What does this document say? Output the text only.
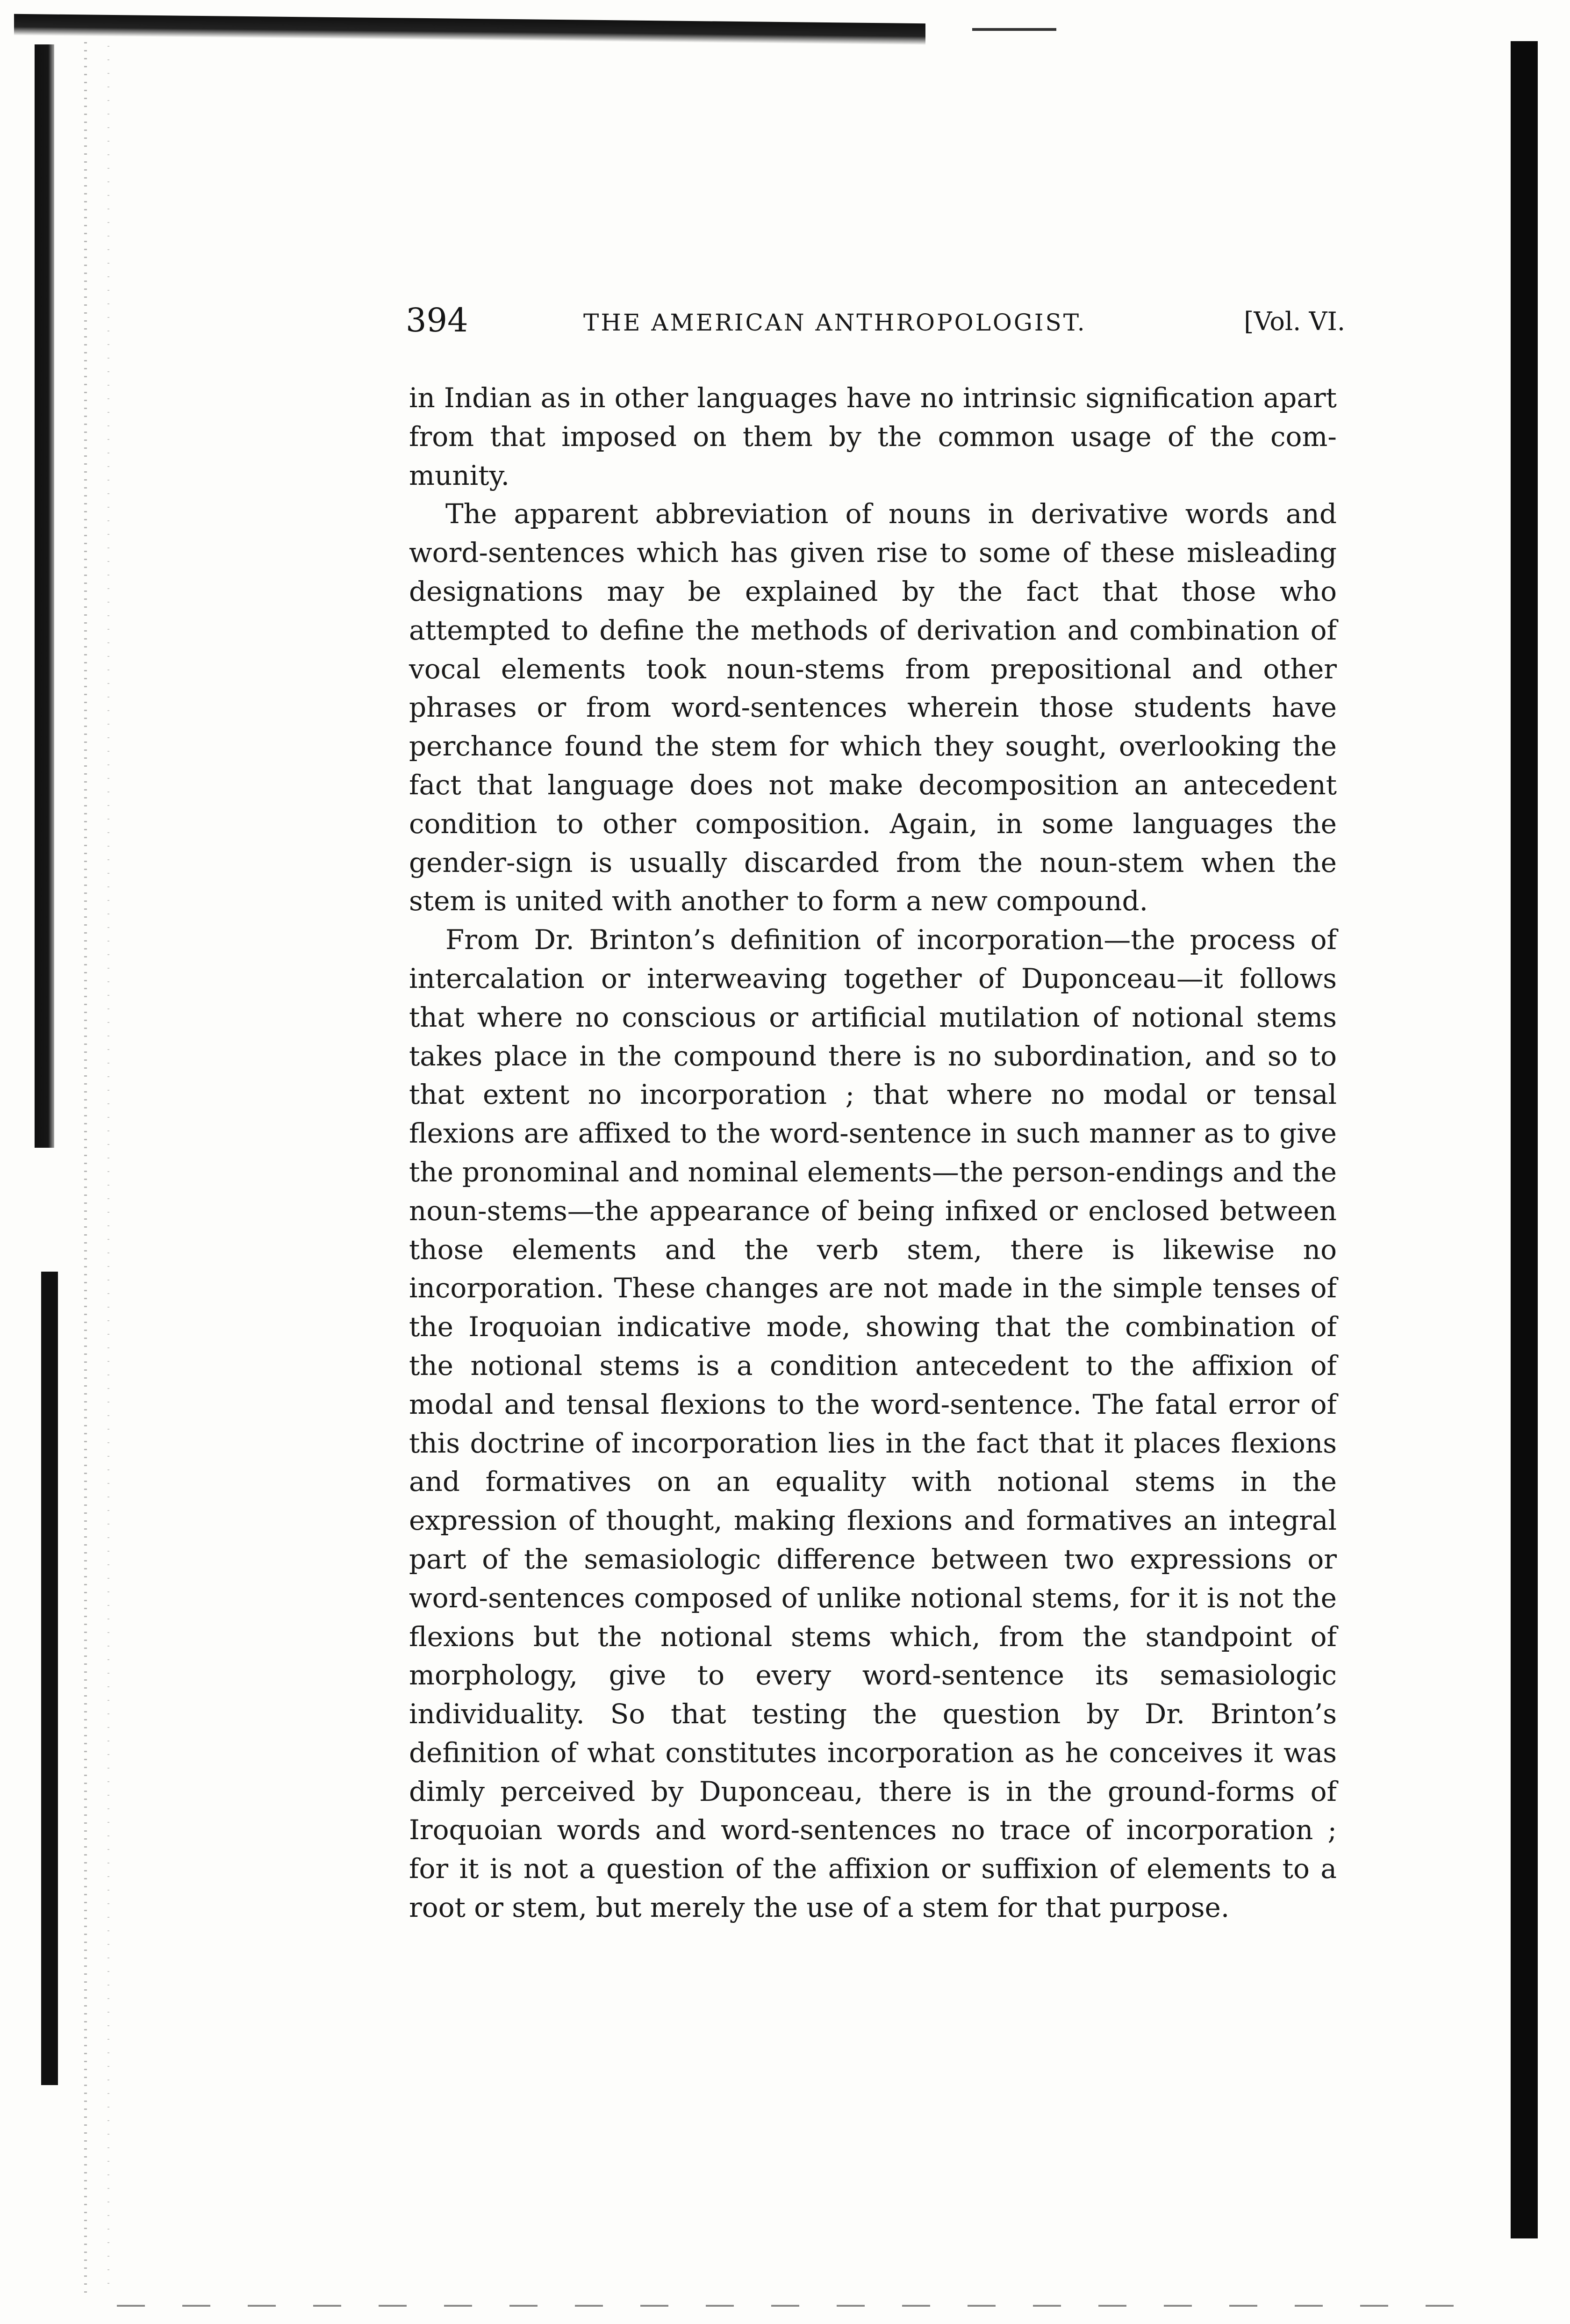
394	THE AMERICAN ANTHROPOLOGIST.	[Vol. VI.

in Indian as in other languages have no intrinsic signification apart from that imposed on them by the common usage of the community.

The apparent abbreviation of nouns in derivative words and word-sentences which has given rise to some of these misleading designations may be explained by the fact that those who attempted to define the methods of derivation and combination of vocal elements took noun-stems from prepositional and other phrases or from word-sentences wherein those students have perchance found the stem for which they sought, overlooking the fact that language does not make decomposition an antecedent condition to other composition. Again, in some languages the gender-sign is usually discarded from the noun-stem when the stem is united with another to form a new compound.

From Dr. Brinton’s definition of incorporation—the process of intercalation or interweaving together of Duponceau—it follows that where no conscious or artificial mutilation of notional stems takes place in the compound there is no subordination, and so to that extent no incorporation ; that where no modal or tensal flexions are affixed to the word-sentence in such manner as to give the pronominal and nominal elements—the person-endings and the noun-stems—the appearance of being infixed or enclosed between those elements and the verb stem, there is likewise no incorporation. These changes are not made in the simple tenses of the Iroquoian indicative mode, showing that the combination of the notional stems is a condition antecedent to the affixion of modal and tensal flexions to the word-sentence. The fatal error of this doctrine of incorporation lies in the fact that it places flexions and formatives on an equality with notional stems in the expression of thought, making flexions and formatives an integral part of the semasiologic difference between two expressions or word-sentences composed of unlike notional stems, for it is not the flexions but the notional stems which, from the standpoint of morphology, give to every word-sentence its semasiologic individuality. So that testing the question by Dr. Brinton’s definition of what constitutes incorporation as he conceives it was dimly perceived by Duponceau, there is in the ground-forms of Iroquoian words and word-sentences no trace of incorporation ; for it is not a question of the affixion or suffixion of elements to a root or stem, but merely the use of a stem for that purpose.
